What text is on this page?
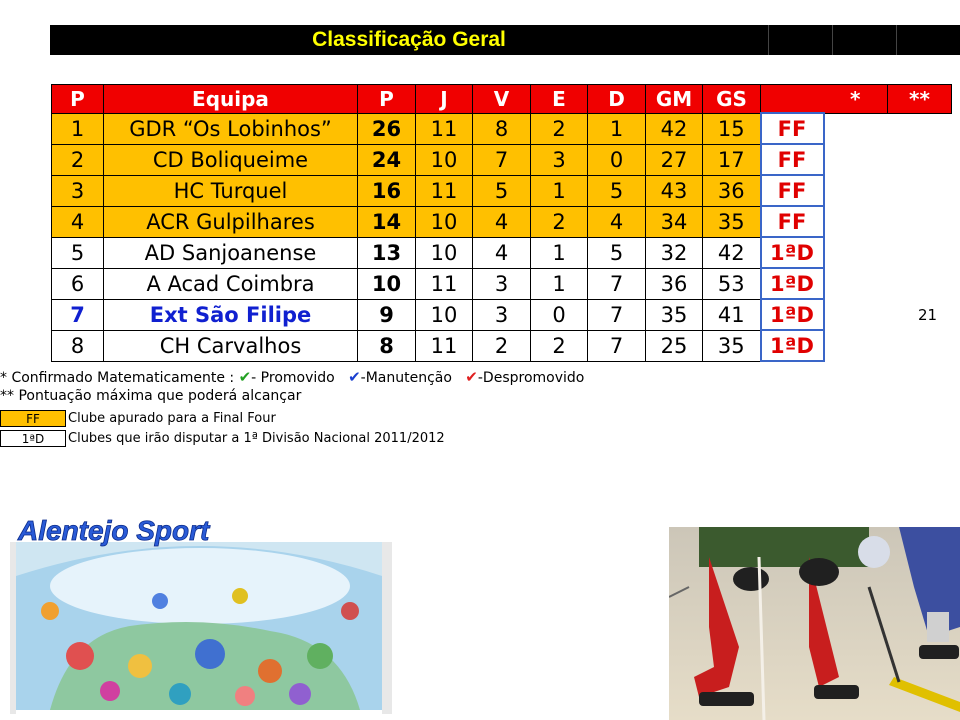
Classificação Geral
P	Equipa	P	J	V	E	D	GM	GS		*	**
1	GDR “Os Lobinhos”	26	11	8	2	1	42	15	FF		
2	CD Boliqueime	24	10	7	3	0	27	17	FF		
3	HC Turquel	16	11	5	1	5	43	36	FF		
4	ACR Gulpilhares	14	10	4	2	4	34	35	FF		
5	AD Sanjoanense	13	10	4	1	5	32	42	1ªD		
6	A Acad Coimbra	10	11	3	1	7	36	53	1ªD		
7	Ext São Filipe	9	10	3	0	7	35	41	1ªD		
8	CH Carvalhos	8	11	2	2	7	25	35	1ªD		
21
* Confirmado Matematicamente : ✔- Promovido ✔-Manutenção ✔-Despromovido
** Pontuação máxima que poderá alcançar
FF	Clube apurado para a Final Four
1ªD	Clubes que irão disputar a 1ª Divisão Nacional 2011/2012
Alentejo Sport
